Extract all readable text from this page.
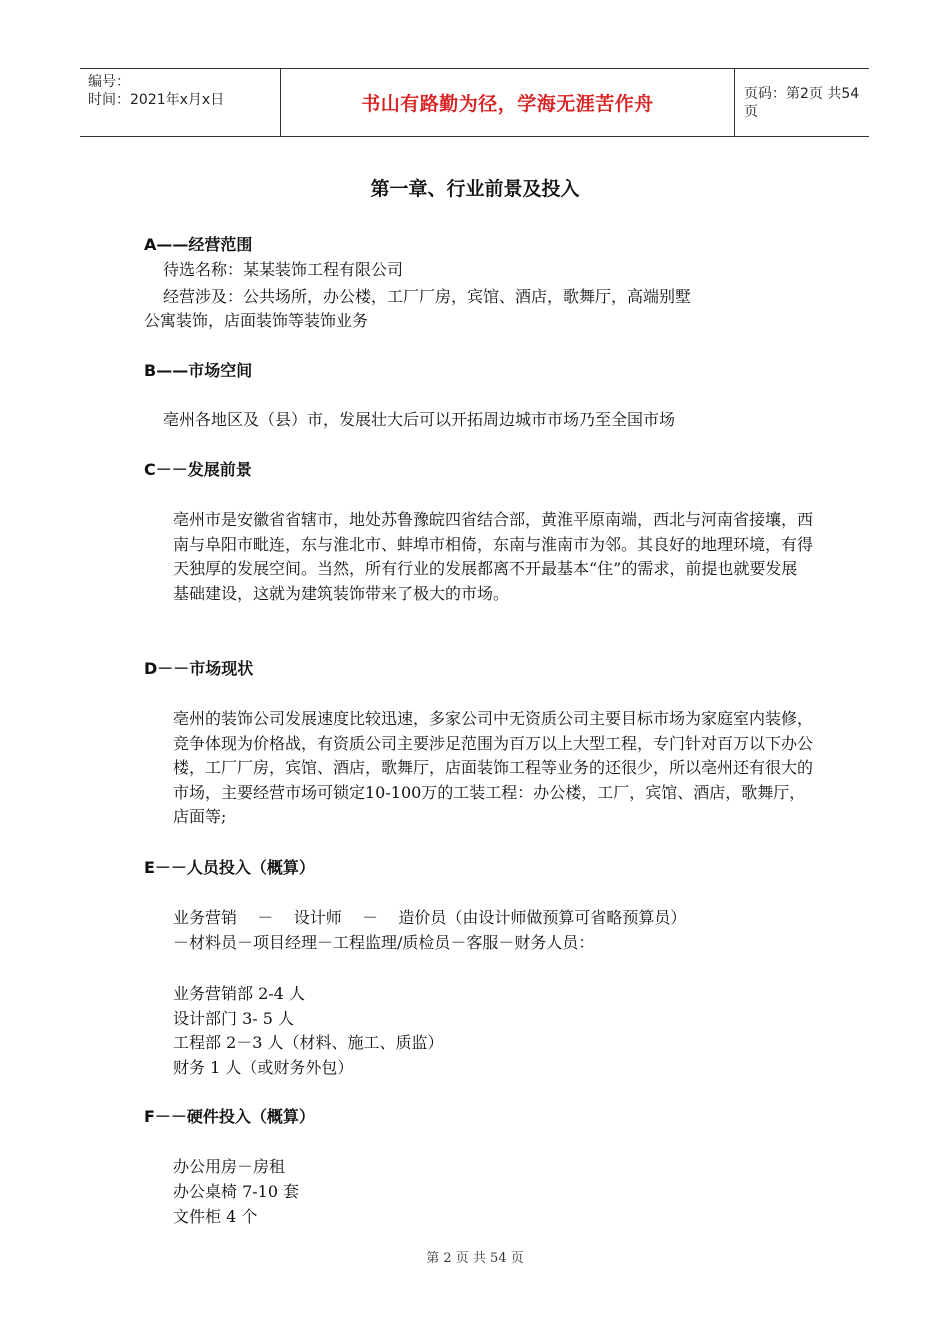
编号：
时间：2021年x月x日	书山有路勤为径，学海无涯苦作舟	页码：第2页 共54页
第一章、行业前景及投入
A——经营范围
待选名称：某某装饰工程有限公司
经营涉及：公共场所，办公楼，工厂厂房，宾馆、酒店，歌舞厅，高端别墅
公寓装饰，店面装饰等装饰业务
B——市场空间
亳州各地区及（县）市，发展壮大后可以开拓周边城市市场乃至全国市场
C－－发展前景
亳州市是安徽省省辖市，地处苏鲁豫皖四省结合部，黄淮平原南端，西北与河南省接壤，西南与阜阳市毗连，东与淮北市、蚌埠市相倚，东南与淮南市为邻。其良好的地理环境，有得天独厚的发展空间。当然，所有行业的发展都离不开最基本“住”的需求，前提也就要发展基础建设，这就为建筑装饰带来了极大的市场。
D－－市场现状
亳州的装饰公司发展速度比较迅速，多家公司中无资质公司主要目标市场为家庭室内装修，竞争体现为价格战，有资质公司主要涉足范围为百万以上大型工程，专门针对百万以下办公楼，工厂厂房，宾馆、酒店，歌舞厅，店面装饰工程等业务的还很少，所以亳州还有很大的市场，主要经营市场可锁定10-100万的工装工程：办公楼，工厂，宾馆、酒店，歌舞厅，店面等;
E－－人员投入（概算）
业务营销    －    设计师    －    造价员（由设计师做预算可省略预算员）
－材料员－项目经理－工程监理/质检员－客服－财务人员：
业务营销部 2-4 人
设计部门 3- 5 人
工程部 2－3 人（材料、施工、质监）
财务 1 人（或财务外包）
F－－硬件投入（概算）
办公用房－房租
办公桌椅 7-10 套
文件柜 4 个
第 2 页 共 54 页
